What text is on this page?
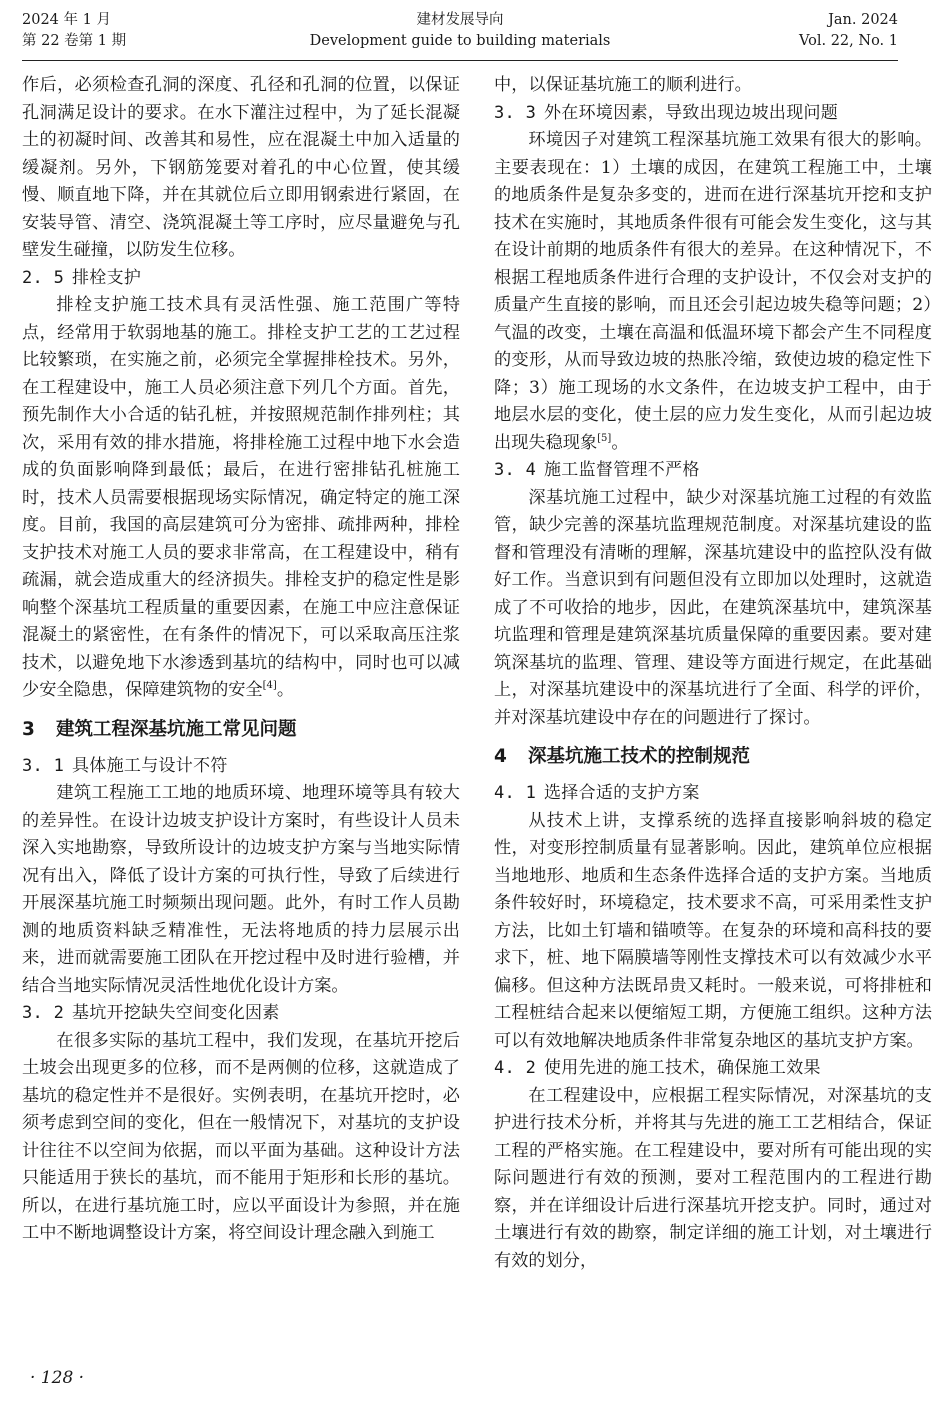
2024 年 1 月
第 22 卷第 1 期
建材发展导向
Development guide to building materials
Jan. 2024
Vol. 22, No. 1

作后，必须检查孔洞的深度、孔径和孔洞的位置，以保证孔洞满足设计的要求。在水下灌注过程中，为了延长混凝土的初凝时间、改善其和易性，应在混凝土中加入适量的缓凝剂。另外，下钢筋笼要对着孔的中心位置，使其缓慢、顺直地下降，并在其就位后立即用钢索进行紧固，在安装导管、清空、浇筑混凝土等工序时，应尽量避免与孔壁发生碰撞，以防发生位移。

2. 5 排栓支护

排栓支护施工技术具有灵活性强、施工范围广等特点，经常用于软弱地基的施工。排栓支护工艺的工艺过程比较繁琐，在实施之前，必须完全掌握排栓技术。另外，在工程建设中，施工人员必须注意下列几个方面。首先，预先制作大小合适的钻孔桩，并按照规范制作排列柱；其次，采用有效的排水措施，将排栓施工过程中地下水会造成的负面影响降到最低；最后，在进行密排钻孔桩施工时，技术人员需要根据现场实际情况，确定特定的施工深度。目前，我国的高层建筑可分为密排、疏排两种，排栓支护技术对施工人员的要求非常高，在工程建设中，稍有疏漏，就会造成重大的经济损失。排栓支护的稳定性是影响整个深基坑工程质量的重要因素，在施工中应注意保证混凝土的紧密性，在有条件的情况下，可以采取高压注浆技术，以避免地下水渗透到基坑的结构中，同时也可以减少安全隐患，保障建筑物的安全[4]。

3 建筑工程深基坑施工常见问题
3. 1 具体施工与设计不符

建筑工程施工工地的地质环境、地理环境等具有较大的差异性。在设计边坡支护设计方案时，有些设计人员未深入实地勘察，导致所设计的边坡支护方案与当地实际情况有出入，降低了设计方案的可执行性，导致了后续进行开展深基坑施工时频频出现问题。此外，有时工作人员勘测的地质资料缺乏精准性，无法将地质的持力层展示出来，进而就需要施工团队在开挖过程中及时进行验槽，并结合当地实际情况灵活性地优化设计方案。

3. 2 基坑开挖缺失空间变化因素

在很多实际的基坑工程中，我们发现，在基坑开挖后土坡会出现更多的位移，而不是两侧的位移，这就造成了基坑的稳定性并不是很好。实例表明，在基坑开挖时，必须考虑到空间的变化，但在一般情况下，对基坑的支护设计往往不以空间为依据，而以平面为基础。这种设计方法只能适用于狭长的基坑，而不能用于矩形和长形的基坑。所以，在进行基坑施工时，应以平面设计为参照，并在施工中不断地调整设计方案，将空间设计理念融入到施工

中，以保证基坑施工的顺利进行。

3. 3 外在环境因素，导致出现边坡出现问题

环境因子对建筑工程深基坑施工效果有很大的影响。主要表现在：1）土壤的成因，在建筑工程施工中，土壤的地质条件是复杂多变的，进而在进行深基坑开挖和支护技术在实施时，其地质条件很有可能会发生变化，这与其在设计前期的地质条件有很大的差异。在这种情况下，不根据工程地质条件进行合理的支护设计，不仅会对支护的质量产生直接的影响，而且还会引起边坡失稳等问题；2）气温的改变，土壤在高温和低温环境下都会产生不同程度的变形，从而导致边坡的热胀冷缩，致使边坡的稳定性下降；3）施工现场的水文条件，在边坡支护工程中，由于地层水层的变化，使土层的应力发生变化，从而引起边坡出现失稳现象[5]。

3. 4 施工监督管理不严格

深基坑施工过程中，缺少对深基坑施工过程的有效监管，缺少完善的深基坑监理规范制度。对深基坑建设的监督和管理没有清晰的理解，深基坑建设中的监控队没有做好工作。当意识到有问题但没有立即加以处理时，这就造成了不可收拾的地步，因此，在建筑深基坑中，建筑深基坑监理和管理是建筑深基坑质量保障的重要因素。要对建筑深基坑的监理、管理、建设等方面进行规定，在此基础上，对深基坑建设中的深基坑进行了全面、科学的评价，并对深基坑建设中存在的问题进行了探讨。

4 深基坑施工技术的控制规范
4. 1 选择合适的支护方案

从技术上讲，支撑系统的选择直接影响斜坡的稳定性，对变形控制质量有显著影响。因此，建筑单位应根据当地地形、地质和生态条件选择合适的支护方案。当地质条件较好时，环境稳定，技术要求不高，可采用柔性支护方法，比如土钉墙和锚喷等。在复杂的环境和高科技的要求下，桩、地下隔膜墙等刚性支撑技术可以有效减少水平偏移。但这种方法既昂贵又耗时。一般来说，可将排桩和工程桩结合起来以便缩短工期，方便施工组织。这种方法可以有效地解决地质条件非常复杂地区的基坑支护方案。

4. 2 使用先进的施工技术，确保施工效果

在工程建设中，应根据工程实际情况，对深基坑的支护进行技术分析，并将其与先进的施工工艺相结合，保证工程的严格实施。在工程建设中，要对所有可能出现的实际问题进行有效的预测，要对工程范围内的工程进行勘察，并在详细设计后进行深基坑开挖支护。同时，通过对土壤进行有效的勘察，制定详细的施工计划，对土壤进行有效的划分，

· 128 ·
